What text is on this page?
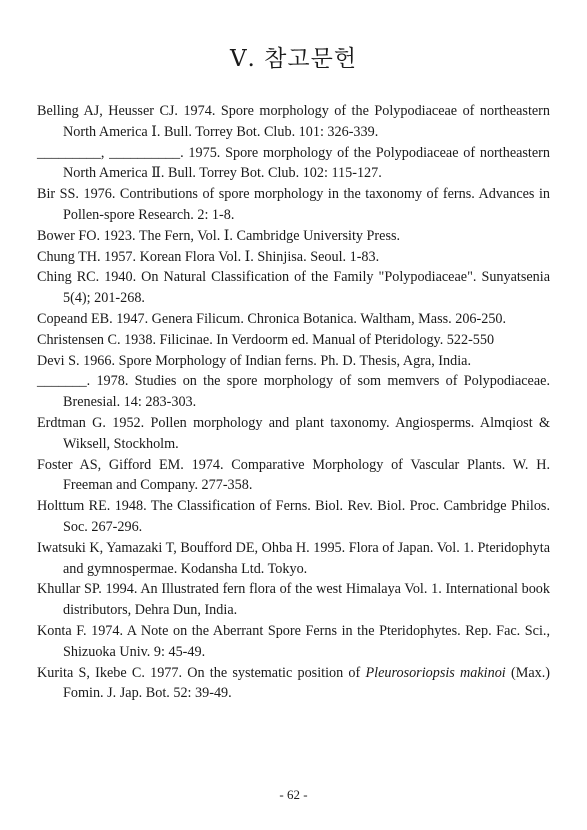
Ⅴ. 참고문헌
Belling AJ, Heusser CJ. 1974. Spore morphology of the Polypodiaceae of northeastern North America Ⅰ. Bull. Torrey Bot. Club. 101: 326-339.
_________, __________. 1975. Spore morphology of the Polypodiaceae of northeastern North America Ⅱ. Bull. Torrey Bot. Club. 102: 115-127.
Bir SS. 1976. Contributions of spore morphology in the taxonomy of ferns. Advances in Pollen-spore Research. 2: 1-8.
Bower FO. 1923. The Fern, Vol. Ⅰ. Cambridge University Press.
Chung TH. 1957. Korean Flora Vol. Ⅰ. Shinjisa. Seoul. 1-83.
Ching RC. 1940. On Natural Classification of the Family "Polypodiaceae". Sunyatsenia 5(4); 201-268.
Copeand EB. 1947. Genera Filicum. Chronica Botanica. Waltham, Mass. 206-250.
Christensen C. 1938. Filicinae. In Verdoorm ed. Manual of Pteridology. 522-550
Devi S. 1966. Spore Morphology of Indian ferns. Ph. D. Thesis, Agra, India.
_______. 1978. Studies on the spore morphology of som memvers of Polypodiaceae. Brenesial. 14: 283-303.
Erdtman G. 1952. Pollen morphology and plant taxonomy. Angiosperms. Almqiost & Wiksell, Stockholm.
Foster AS, Gifford EM. 1974. Comparative Morphology of Vascular Plants. W. H. Freeman and Company. 277-358.
Holttum RE. 1948. The Classification of Ferns. Biol. Rev. Biol. Proc. Cambridge Philos. Soc. 267-296.
Iwatsuki K, Yamazaki T, Boufford DE, Ohba H. 1995. Flora of Japan. Vol. 1. Pteridophyta and gymnospermae. Kodansha Ltd. Tokyo.
Khullar SP. 1994. An Illustrated fern flora of the west Himalaya Vol. 1. International book distributors, Dehra Dun, India.
Konta F. 1974. A Note on the Aberrant Spore Ferns in the Pteridophytes. Rep. Fac. Sci., Shizuoka Univ. 9: 45-49.
Kurita S, Ikebe C. 1977. On the systematic position of Pleurosoriopsis makinoi (Max.) Fomin. J. Jap. Bot. 52: 39-49.
- 62 -
